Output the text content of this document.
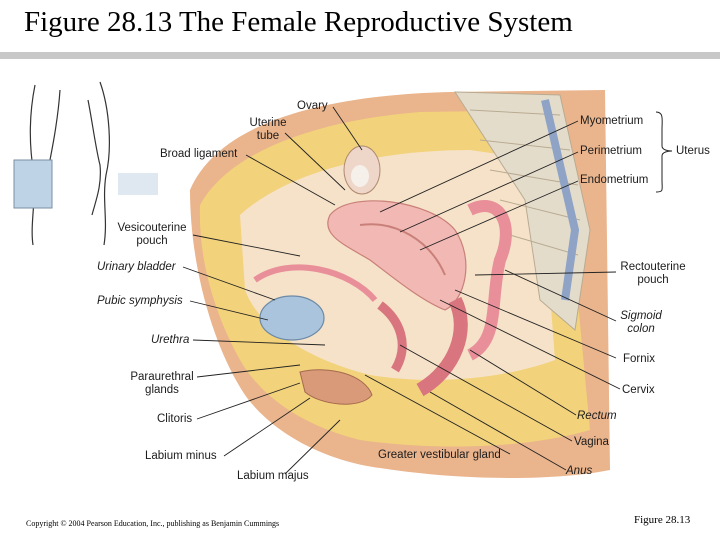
Figure 28.13 The Female Reproductive System
Ovary
Uterine
tube
Broad ligament
Vesicouterine
pouch
Urinary bladder
Pubic symphysis
Urethra
Paraurethral
glands
Clitoris
Labium minus
Labium majus
Myometrium
Perimetrium
Endometrium
Uterus
Rectouterine
pouch
Sigmoid
colon
Fornix
Cervix
Rectum
Vagina
Greater vestibular gland
Anus
Copyright © 2004 Pearson Education, Inc., publishing as Benjamin Cummings	Figure 28.13
